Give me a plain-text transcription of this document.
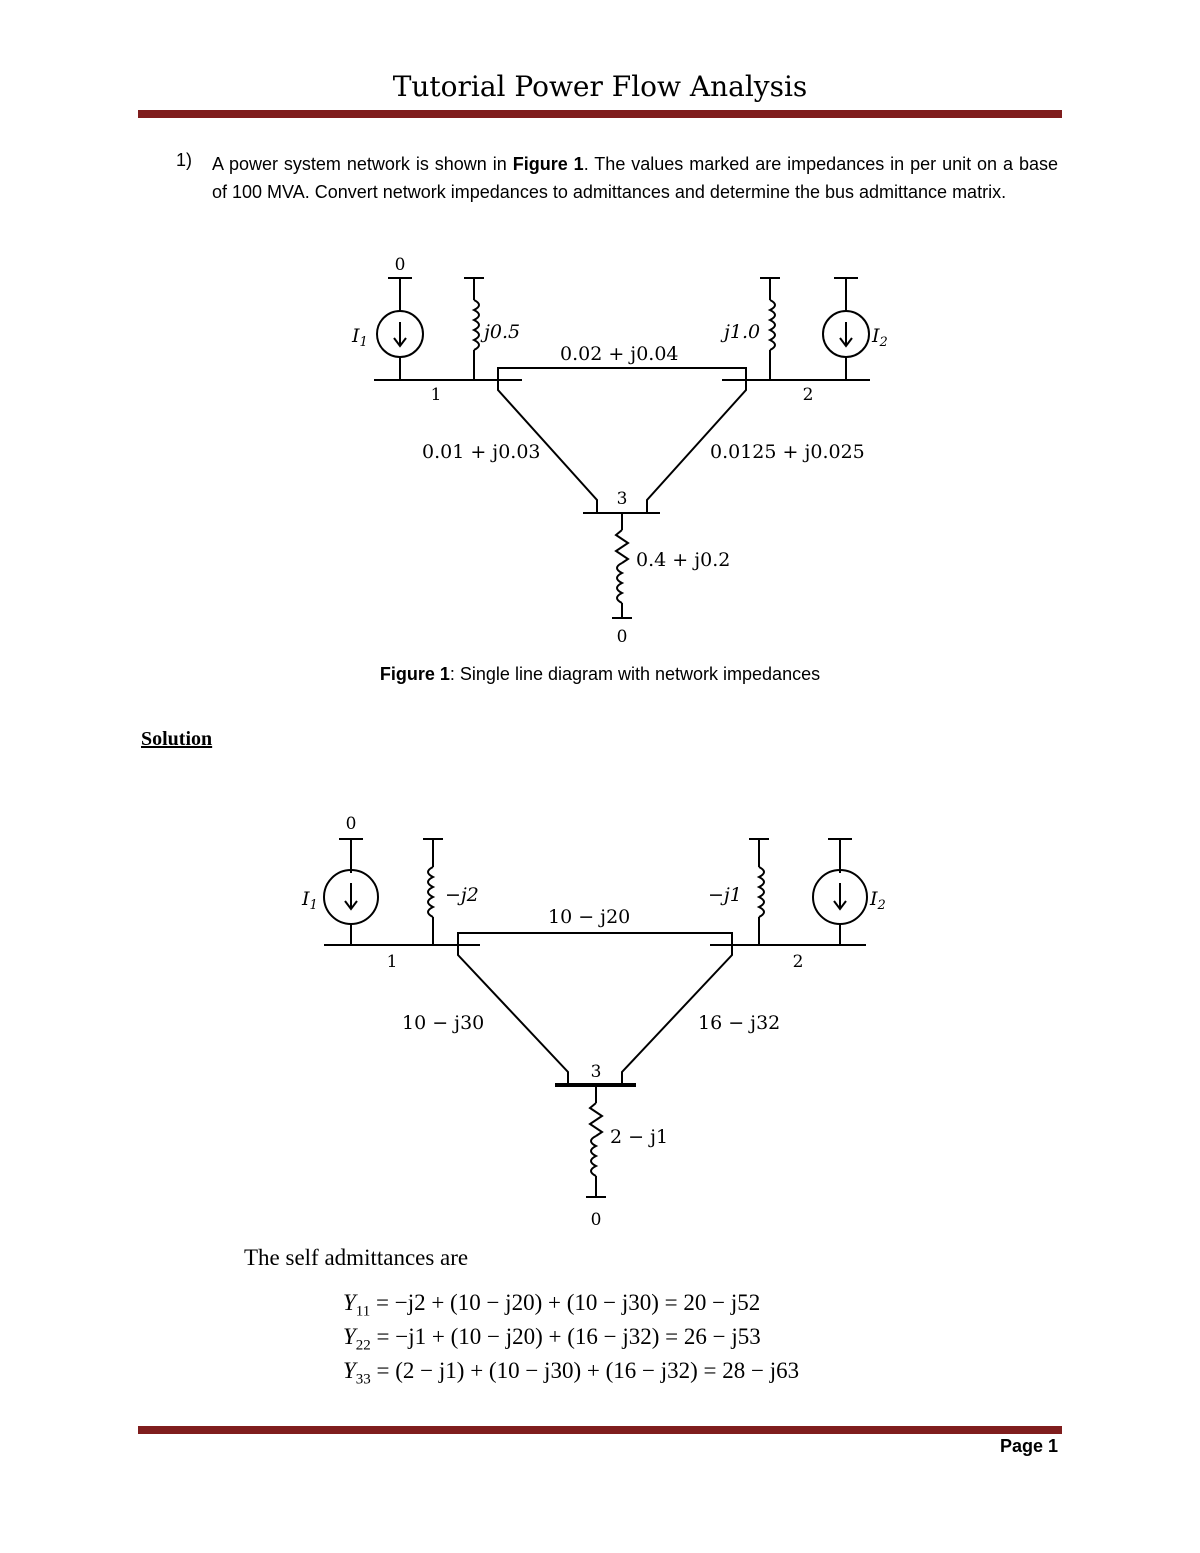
Tutorial Power Flow Analysis
1) A power system network is shown in Figure 1. The values marked are impedances in per unit on a base of 100 MVA. Convert network impedances to admittances and determine the bus admittance matrix.
0
0
$I_1$	$I_2$
j0.5	j1.0
0.02 + j0.04
0.01 + j0.03	0.0125 + j0.025
0.4 + j0.2
1	2
3
Figure 1: Single line diagram with network impedances
Solution
0
0
$I_1$	$I_2$
−j2	−j1
10 − j20
10 − j30	16 − j32
2 − j1
1	2
3
The self admittances are
$Y_{11} = -j2 + (10 - j20) + (10 - j30) = 20 - j52$
$Y_{22} = -j1 + (10 - j20) + (16 - j32) = 26 - j53$
$Y_{33} = (2 - j1) + (10 - j30) + (16 - j32) = 28 - j63$
Page 1
